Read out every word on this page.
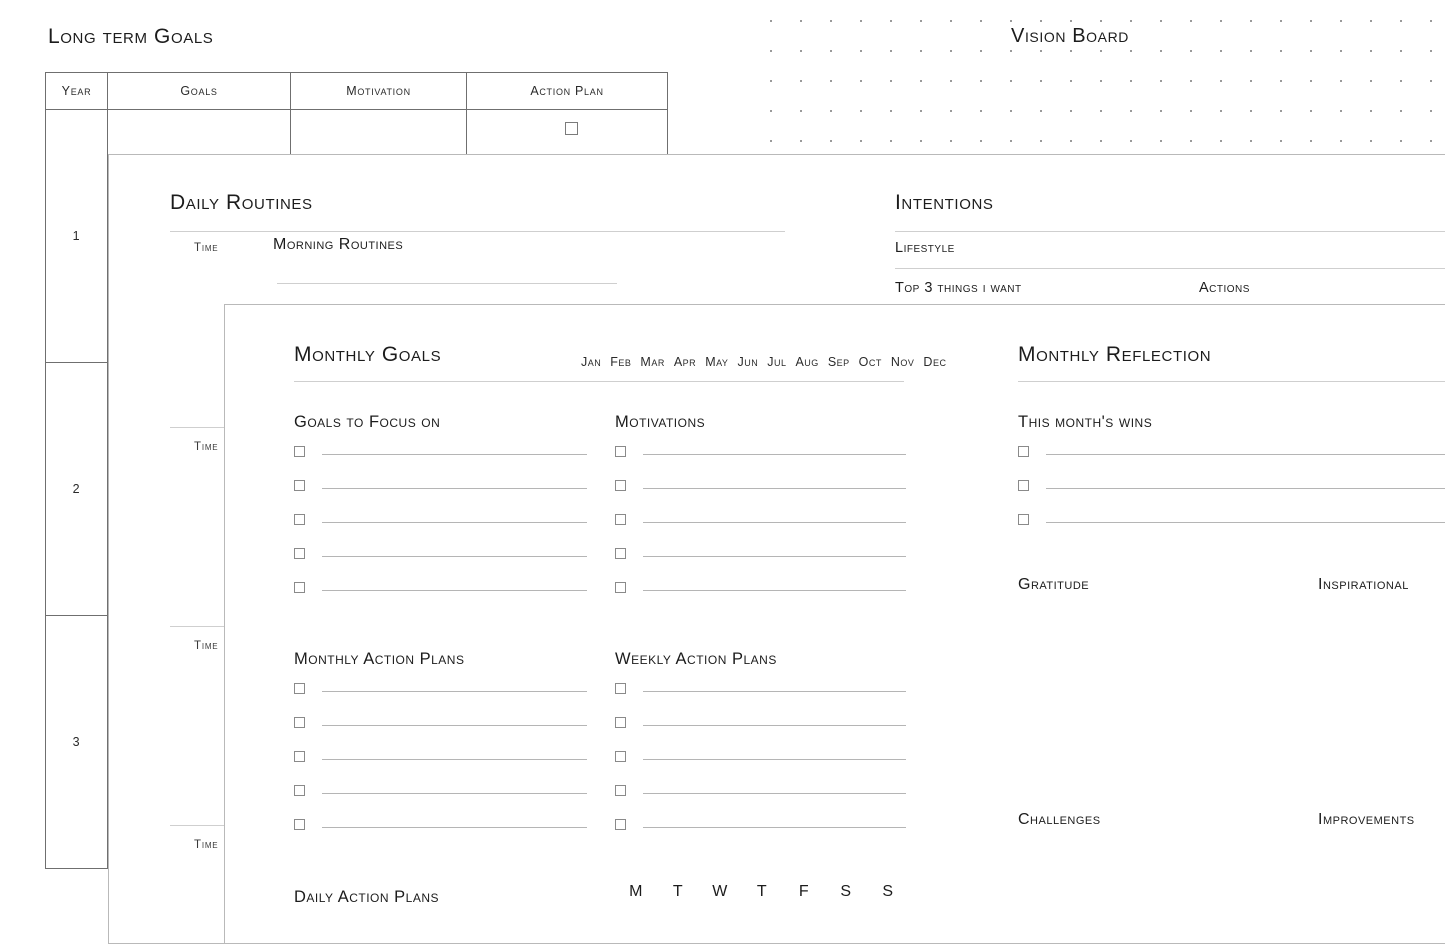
Long term Goals
Year	Goals	Motivation	Action Plan
1			
2			
3			
Vision Board
Daily Routines
Time	Morning Routines
Time
Time
Time
Intentions
Lifestyle
Top 3 things i want	Actions
Monthly Goals	Jan Feb Mar Apr May Jun Jul Aug Sep Oct Nov Dec	Monthly Reflection
Goals to Focus on	Motivations
Monthly Action Plans	Weekly Action Plans
Daily Action Plans	M T W T F S S
This month's wins
Gratitude	Inspirational
Challenges	Improvements
